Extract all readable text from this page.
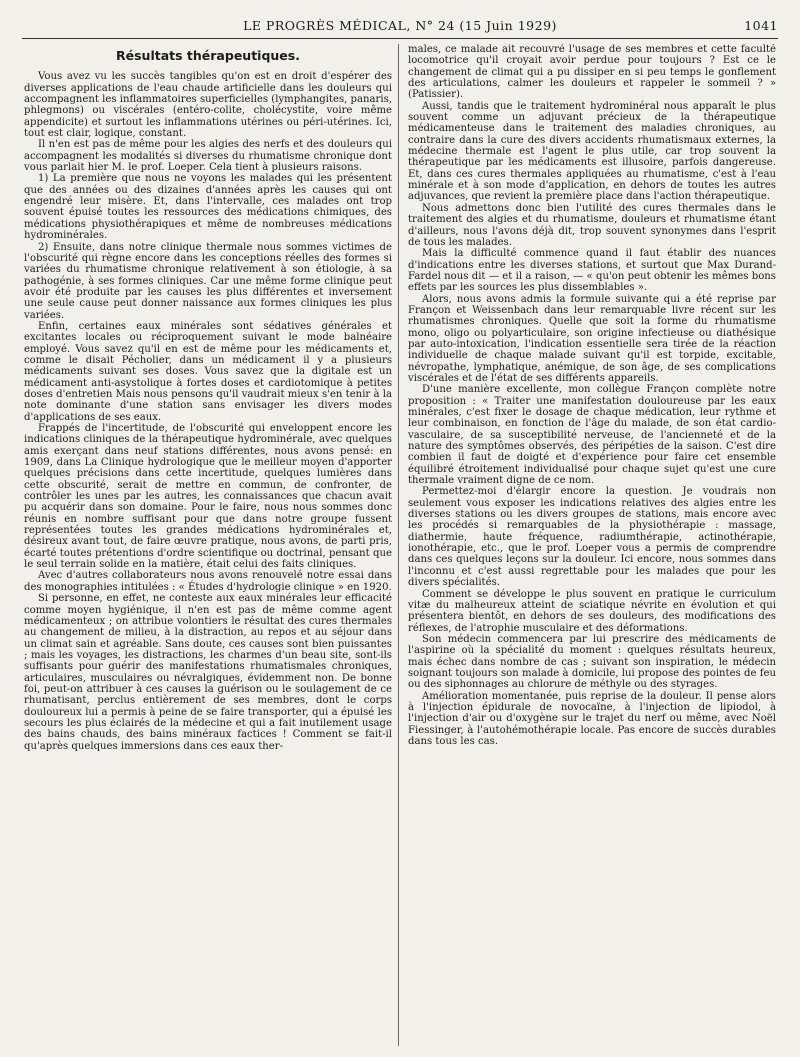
LE PROGRÈS MÉDICAL, N° 24 (15 Juin 1929)	1041
Résultats thérapeutiques.

Vous avez vu les succès tangibles qu'on est en droit d'espérer des diverses applications de l'eau chaude artificielle dans les douleurs qui accompagnent les inflammatoires superficielles (lymphangites, panaris, phlegmons) ou viscérales (entéro-colite, cholécystite, voire même appendicite) et surtout les inflammations utérines ou péri-utérines. Ici, tout est clair, logique, constant.

Il n'en est pas de même pour les algies des nerfs et des douleurs qui accompagnent les modalités si diverses du rhumatisme chronique dont vous parlait hier M. le prof. Loeper. Cela tient à plusieurs raisons.

1) La première que nous ne voyons les malades qui les présentent que des années ou des dizaines d'années après les causes qui ont engendré leur misère. Et, dans l'intervalle, ces malades ont trop souvent épuisé toutes les ressources des médications chimiques, des médications physiothérapiques et même de nombreuses médications hydrominérales.

2) Ensuite, dans notre clinique thermale nous sommes victimes de l'obscurité qui règne encore dans les conceptions réelles des formes si variées du rhumatisme chronique relativement à son étiologie, à sa pathogénie, à ses formes cliniques. Car une même forme clinique peut avoir été produite par les causes les plus différentes et inversement une seule cause peut donner naissance aux formes cliniques les plus variées.

Enfin, certaines eaux minérales sont sédatives générales et excitantes locales ou réciproquement suivant le mode balnéaire employé. Vous savez qu'il en est de même pour les médicaments et, comme le disait Pécholier, dans un médicament il y a plusieurs médicaments suivant ses doses. Vous savez que la digitale est un médicament anti-asystolique à fortes doses et cardiotomique à petites doses d'entretien Mais nous pensons qu'il vaudrait mieux s'en tenir à la note dominante d'une station sans envisager les divers modes d'applications de ses eaux.

Frappés de l'incertitude, de l'obscurité qui enveloppent encore les indications cliniques de la thérapeutique hydrominérale, avec quelques amis exerçant dans neuf stations différentes, nous avons pensé: en 1909, dans La Clinique hydrologique que le meilleur moyen d'apporter quelques précisions dans cette incertitude, quelques lumières dans cette obscurité, serait de mettre en commun, de confronter, de contrôler les unes par les autres, les connaissances que chacun avait pu acquérir dans son domaine. Pour le faire, nous nous sommes donc réunis en nombre suffisant pour que dans notre groupe fussent représentées toutes les grandes médications hydrominérales et, désireux avant tout, de faire œuvre pratique, nous avons, de parti pris, écarté toutes prétentions d'ordre scientifique ou doctrinal, pensant que le seul terrain solide en la matière, était celui des faits cliniques.

Avec d'autres collaborateurs nous avons renouvelé notre essai dans des monographies intitulées : « Études d'hydrologie clinique » en 1920.

Si personne, en effet, ne conteste aux eaux minérales leur efficacité comme moyen hygiénique, il n'en est pas de même comme agent médicamenteux ; on attribue volontiers le résultat des cures thermales au changement de milieu, à la distraction, au repos et au séjour dans un climat sain et agréable. Sans doute, ces causes sont bien puissantes ; mais les voyages, les distractions, les charmes d'un beau site, sont-ils suffisants pour guérir des manifestations rhumatismales chroniques, articulaires, musculaires ou névralgiques, évidemment non. De bonne foi, peut-on attribuer à ces causes la guérison ou le soulagement de ce rhumatisant, perclus entièrement de ses membres, dont le corps douloureux lui a permis à peine de se faire transporter, qui a épuisé les secours les plus éclairés de la médecine et qui a fait inutilement usage des bains chauds, des bains minéraux factices ! Comment se fait-il qu'après quelques immersions dans ces eaux ther-

males, ce malade ait recouvré l'usage de ses membres et cette faculté locomotrice qu'il croyait avoir perdue pour toujours ? Est ce le changement de climat qui a pu dissiper en si peu temps le gonflement des articulations, calmer les douleurs et rappeler le sommeil ? » (Patissier).

Aussi, tandis que le traitement hydrominéral nous apparaît le plus souvent comme un adjuvant précieux de la thérapeutique médicamenteuse dans le traitement des maladies chroniques, au contraire dans la cure des divers accidents rhumatismaux externes, la médecine thermale est l'agent le plus utile, car trop souvent la thérapeutique par les médicaments est illusoire, parfois dangereuse. Et, dans ces cures thermales appliquées au rhumatisme, c'est à l'eau minérale et à son mode d'application, en dehors de toutes les autres adjuvances, que revient la première place dans l'action thérapeutique.

Nous admettons donc bien l'utilité des cures thermales dans le traitement des algies et du rhumatisme, douleurs et rhumatisme étant d'ailleurs, nous l'avons déjà dit, trop souvent synonymes dans l'esprit de tous les malades.

Mais la difficulté commence quand il faut établir des nuances d'indications entre les diverses stations, et surtout que Max Durand-Fardel nous dit — et il a raison, — « qu'on peut obtenir les mêmes bons effets par les sources les plus dissemblables ».

Alors, nous avons admis la formule suivante qui a été reprise par Françon et Weissenbach dans leur remarquable livre récent sur les rhumatismes chroniques. Quelle que soit la forme du rhumatisme mono, oligo ou polyarticulaire, son origine infectieuse ou diathésique par auto-intoxication, l'indication essentielle sera tirée de la réaction individuelle de chaque malade suivant qu'il est torpide, excitable, névropathe, lymphatique, anémique, de son âge, de ses complications viscérales et de l'état de ses différents appareils.

D'une manière excellente, mon collègue Françon complète notre proposition : « Traiter une manifestation douloureuse par les eaux minérales, c'est fixer le dosage de chaque médication, leur rythme et leur combinaison, en fonction de l'âge du malade, de son état cardio-vasculaire, de sa susceptibilité nerveuse, de l'ancienneté et de la nature des symptômes observés, des péripéties de la saison. C'est dire combien il faut de doigté et d'expérience pour faire cet ensemble équilibré étroitement individualisé pour chaque sujet qu'est une cure thermale vraiment digne de ce nom.

Permettez-moi d'élargir encore la question. Je voudrais non seulement vous exposer les indications relatives des algies entre les diverses stations ou les divers groupes de stations, mais encore avec les procédés si remarquables de la physiothérapie : massage, diathermie, haute fréquence, radiumthérapie, actinothérapie, ionothérapie, etc., que le prof. Loeper vous a permis de comprendre dans ces quelques leçons sur la douleur. Ici encore, nous sommes dans l'inconnu et c'est aussi regrettable pour les malades que pour les divers spécialités.

Comment se développe le plus souvent en pratique le curriculum vitæ du malheureux atteint de sciatique névrite en évolution et qui présentera bientôt, en dehors de ses douleurs, des modifications des réflexes, de l'atrophie musculaire et des déformations.

Son médecin commencera par lui prescrire des médicaments de l'aspirine où la spécialité du moment : quelques résultats heureux, mais échec dans nombre de cas ; suivant son inspiration, le médecin soignant toujours son malade à domicile, lui propose des pointes de feu ou des siphonnages au chlorure de méthyle ou des styrages.

Amélioration momentanée, puis reprise de la douleur. Il pense alors à l'injection épidurale de novocaïne, à l'injection de lipiodol, à l'injection d'air ou d'oxygène sur le trajet du nerf ou même, avec Noël Fiessinger, à l'autohémothérapie locale. Pas encore de succès durables dans tous les cas.
